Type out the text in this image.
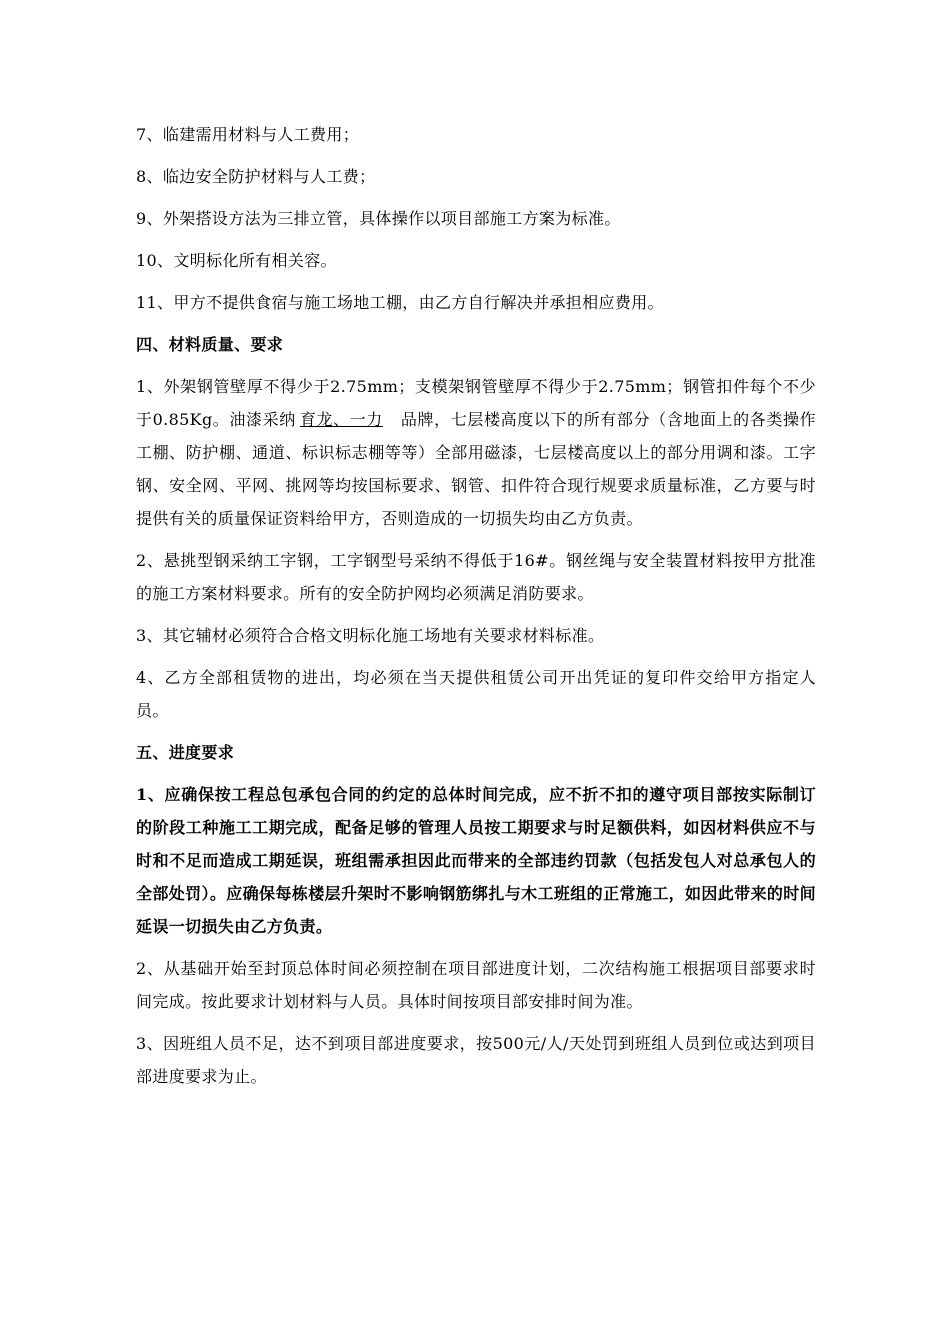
7、临建需用材料与人工费用；

8、临边安全防护材料与人工费；

9、外架搭设方法为三排立管，具体操作以项目部施工方案为标准。

10、文明标化所有相关容。

11、甲方不提供食宿与施工场地工棚，由乙方自行解决并承担相应费用。

四、材料质量、要求

1、外架钢管壁厚不得少于2.75mm；支模架钢管壁厚不得少于2.75mm；钢管扣件每个不少于0.85Kg。油漆采纳 育龙、一力 品牌，七层楼高度以下的所有部分（含地面上的各类操作工棚、防护棚、通道、标识标志棚等等）全部用磁漆，七层楼高度以上的部分用调和漆。工字钢、安全网、平网、挑网等均按国标要求、钢管、扣件符合现行规要求质量标准，乙方要与时提供有关的质量保证资料给甲方，否则造成的一切损失均由乙方负责。

2、悬挑型钢采纳工字钢，工字钢型号采纳不得低于16#。钢丝绳与安全装置材料按甲方批准的施工方案材料要求。所有的安全防护网均必须满足消防要求。

3、其它辅材必须符合合格文明标化施工场地有关要求材料标准。

4、乙方全部租赁物的进出，均必须在当天提供租赁公司开出凭证的复印件交给甲方指定人员。

五、进度要求

1、应确保按工程总包承包合同的约定的总体时间完成，应不折不扣的遵守项目部按实际制订的阶段工种施工工期完成，配备足够的管理人员按工期要求与时足额供料，如因材料供应不与时和不足而造成工期延误，班组需承担因此而带来的全部违约罚款（包括发包人对总承包人的全部处罚）。应确保每栋楼层升架时不影响钢筋绑扎与木工班组的正常施工，如因此带来的时间延误一切损失由乙方负责。

2、从基础开始至封顶总体时间必须控制在项目部进度计划，二次结构施工根据项目部要求时间完成。按此要求计划材料与人员。具体时间按项目部安排时间为准。

3、因班组人员不足，达不到项目部进度要求，按500元/人/天处罚到班组人员到位或达到项目部进度要求为止。
